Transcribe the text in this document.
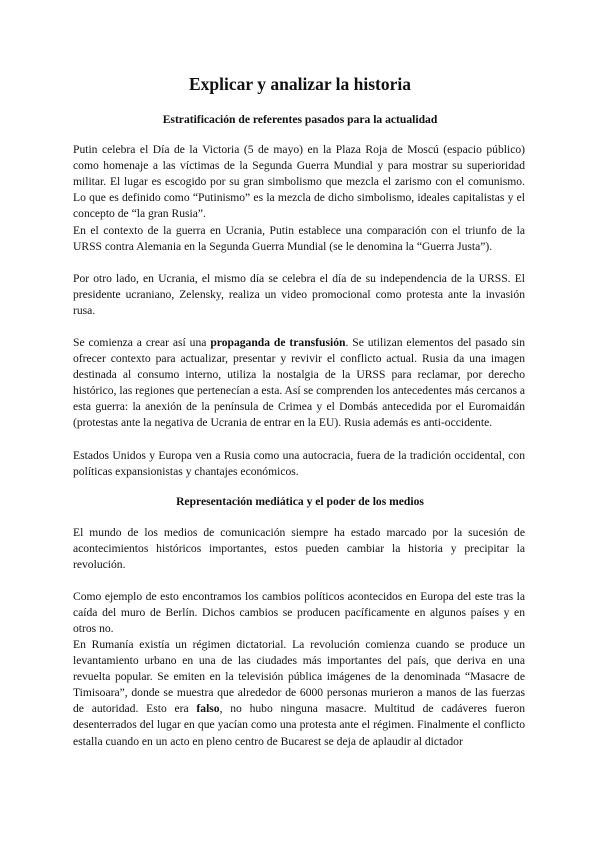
Explicar y analizar la historia
Estratificación de referentes pasados para la actualidad

Putin celebra el Día de la Victoria (5 de mayo) en la Plaza Roja de Moscú (espacio público) como homenaje a las víctimas de la Segunda Guerra Mundial y para mostrar su superioridad militar. El lugar es escogido por su gran simbolismo que mezcla el zarismo con el comunismo. Lo que es definido como “Putinismo” es la mezcla de dicho simbolismo, ideales capitalistas y el concepto de “la gran Rusia”.

En el contexto de la guerra en Ucrania, Putin establece una comparación con el triunfo de la URSS contra Alemania en la Segunda Guerra Mundial (se le denomina la “Guerra Justa”).

Por otro lado, en Ucrania, el mismo día se celebra el día de su independencia de la URSS. El presidente ucraniano, Zelensky, realiza un video promocional como protesta ante la invasión rusa.

Se comienza a crear así una propaganda de transfusión. Se utilizan elementos del pasado sin ofrecer contexto para actualizar, presentar y revivir el conflicto actual. Rusia da una imagen destinada al consumo interno, utiliza la nostalgia de la URSS para reclamar, por derecho histórico, las regiones que pertenecían a esta. Así se comprenden los antecedentes más cercanos a esta guerra: la anexión de la península de Crimea y el Dombás antecedida por el Euromaidán (protestas ante la negativa de Ucrania de entrar en la EU). Rusia además es anti-occidente.

Estados Unidos y Europa ven a Rusia como una autocracia, fuera de la tradición occidental, con políticas expansionistas y chantajes económicos.

Representación mediática y el poder de los medios

El mundo de los medios de comunicación siempre ha estado marcado por la sucesión de acontecimientos históricos importantes, estos pueden cambiar la historia y precipitar la revolución.

Como ejemplo de esto encontramos los cambios políticos acontecidos en Europa del este tras la caída del muro de Berlín. Dichos cambios se producen pacíficamente en algunos países y en otros no.

En Rumanía existía un régimen dictatorial. La revolución comienza cuando se produce un levantamiento urbano en una de las ciudades más importantes del país, que deriva en una revuelta popular. Se emiten en la televisión pública imágenes de la denominada “Masacre de Timisoara”, donde se muestra que alrededor de 6000 personas murieron a manos de las fuerzas de autoridad. Esto era falso, no hubo ninguna masacre. Multitud de cadáveres fueron desenterrados del lugar en que yacían como una protesta ante el régimen. Finalmente el conflicto estalla cuando en un acto en pleno centro de Bucarest se deja de aplaudir al dictador
